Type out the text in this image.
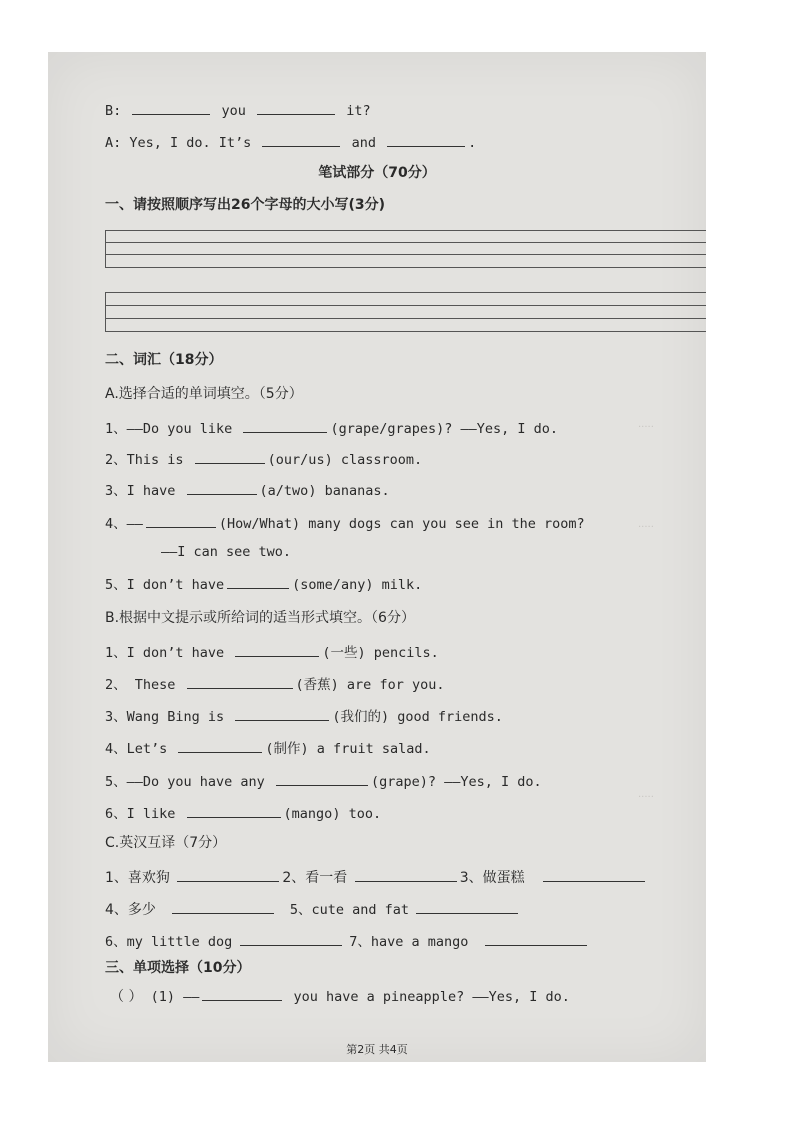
·····
·····
·····
B:	you	it?
A: Yes, I do. It’s	and	.
笔试部分（70分）
一、请按照顺序写出26个字母的大小写(3分)
二、词汇（18分）
A.选择合适的单词填空。（5分）
1、——Do you like	(grape/grapes)? ——Yes, I do.
2、This is	(our/us) classroom.
3、I have	(a/two) bananas.
4、——	(How/What) many dogs can you see in the room?
——I can see two.
5、I don’t have	(some/any) milk.
B.根据中文提示或所给词的适当形式填空。（6分）
1、I don’t have	(一些) pencils.
2、 These	(香蕉) are for you.
3、Wang Bing is	(我们的) good friends.
4、Let’s	(制作) a fruit salad.
5、——Do you have any	(grape)? ——Yes, I do.
6、I like	(mango) too.
C.英汉互译（7分）
1、喜欢狗	2、看一看	3、做蛋糕
4、多少	5、cute and fat
6、my little dog	7、have a mango
三、单项选择（10分）
（ ） (1) ——	you have a pineapple? ——Yes, I do.
第2页 共4页
